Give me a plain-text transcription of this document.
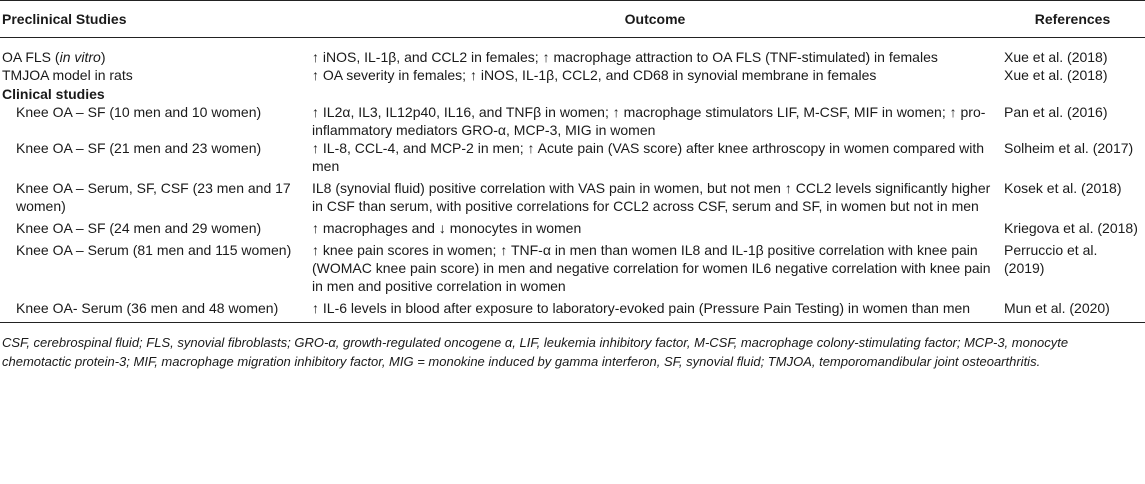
Preclinical Studies	Outcome	References
OA FLS (in vitro)	↑ iNOS, IL-1β, and CCL2 in females; ↑ macrophage attraction to OA FLS (TNF-stimulated) in females	Xue et al. (2018)
TMJOA model in rats	↑ OA severity in females; ↑ iNOS, IL-1β, CCL2, and CD68 in synovial membrane in females	Xue et al. (2018)
Clinical studies		
Knee OA – SF (10 men and 10 women)	↑ IL2α, IL3, IL12p40, IL16, and TNFβ in women; ↑ macrophage stimulators LIF, M-CSF, MIF in women; ↑ pro-inflammatory mediators GRO-α, MCP-3, MIG in women	Pan et al. (2016)
Knee OA – SF (21 men and 23 women)	↑ IL-8, CCL-4, and MCP-2 in men; ↑ Acute pain (VAS score) after knee arthroscopy in women compared with men	Solheim et al. (2017)
Knee OA – Serum, SF, CSF (23 men and 17 women)	IL8 (synovial fluid) positive correlation with VAS pain in women, but not men ↑ CCL2 levels significantly higher in CSF than serum, with positive correlations for CCL2 across CSF, serum and SF, in women but not in men	Kosek et al. (2018)
Knee OA – SF (24 men and 29 women)	↑ macrophages and ↓ monocytes in women	Kriegova et al. (2018)
Knee OA – Serum (81 men and 115 women)	↑ knee pain scores in women; ↑ TNF-α in men than women IL8 and IL-1β positive correlation with knee pain (WOMAC knee pain score) in men and negative correlation for women IL6 negative correlation with knee pain in men and positive correlation in women	Perruccio et al. (2019)
Knee OA- Serum (36 men and 48 women)	↑ IL-6 levels in blood after exposure to laboratory-evoked pain (Pressure Pain Testing) in women than men	Mun et al. (2020)
CSF, cerebrospinal fluid; FLS, synovial fibroblasts; GRO-α, growth-regulated oncogene α, LIF, leukemia inhibitory factor, M-CSF, macrophage colony-stimulating factor; MCP-3, monocyte chemotactic protein-3; MIF, macrophage migration inhibitory factor, MIG = monokine induced by gamma interferon, SF, synovial fluid; TMJOA, temporomandibular joint osteoarthritis.
